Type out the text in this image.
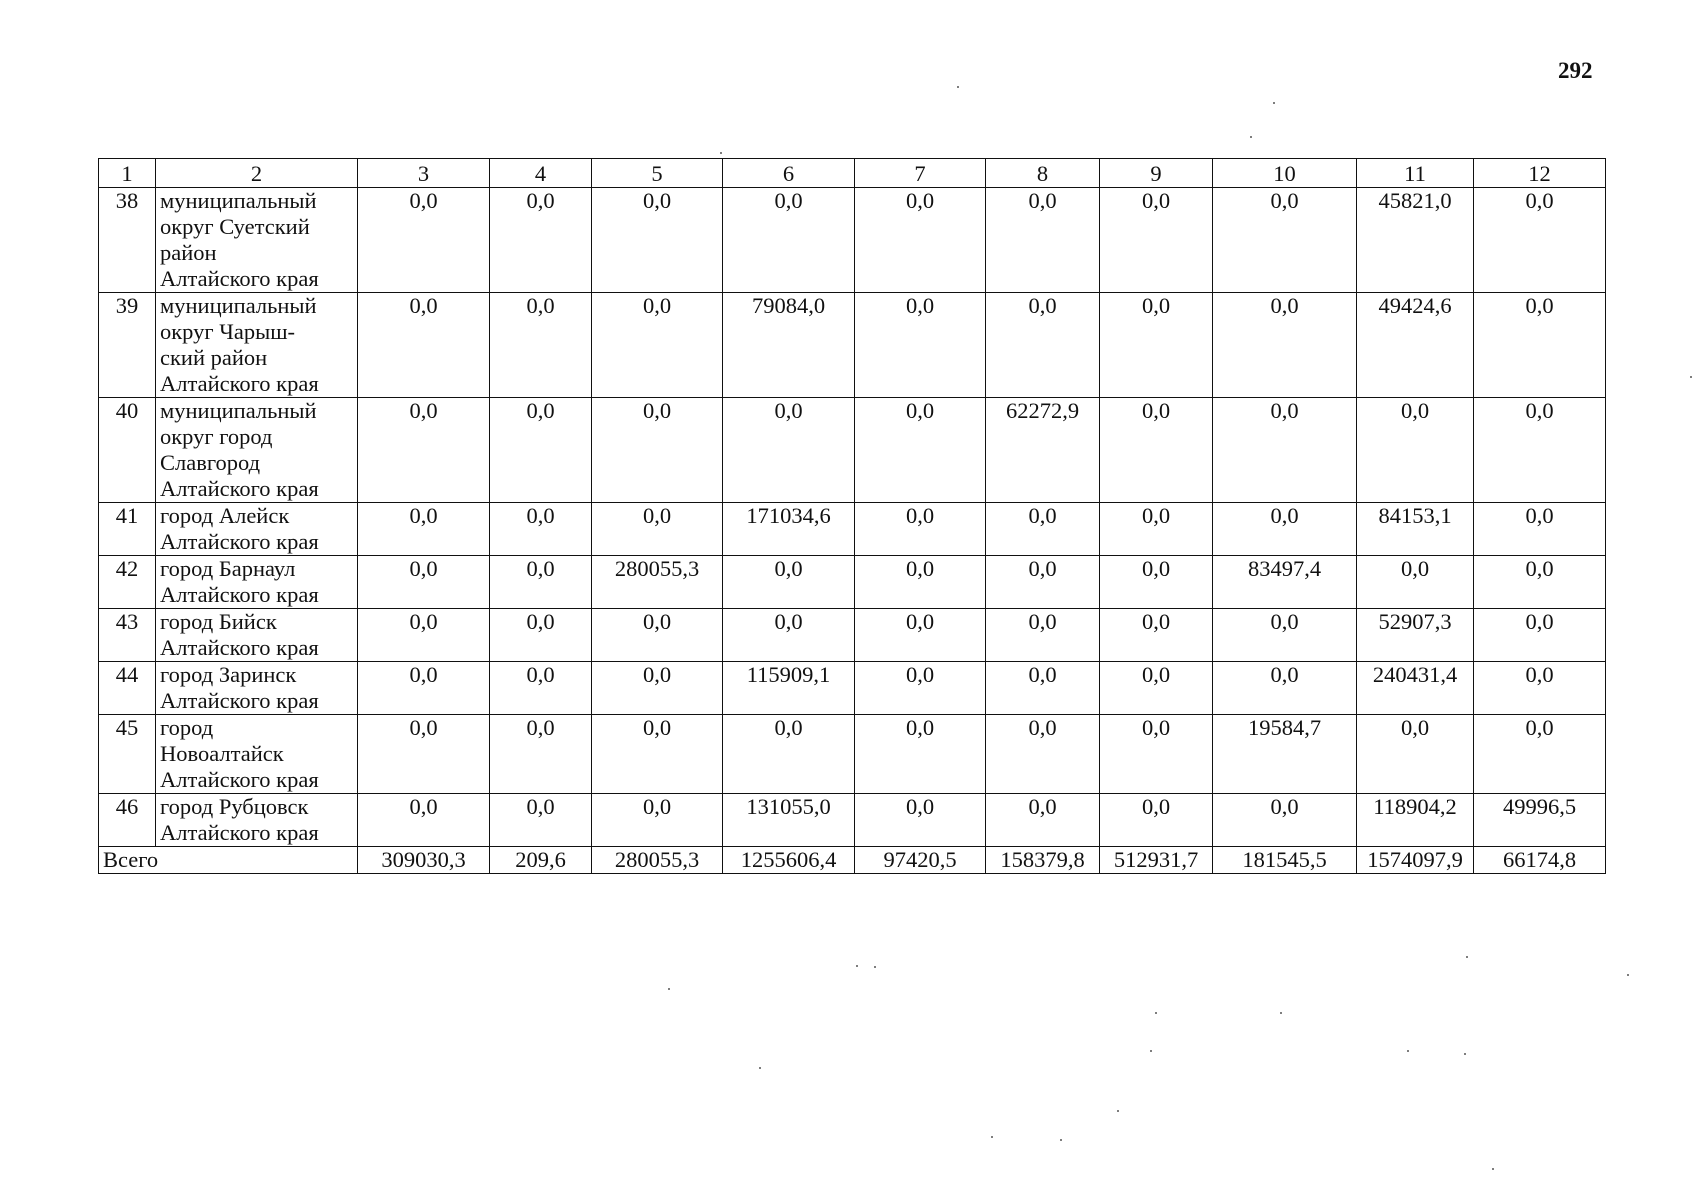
292
1	2	3	4	5	6	7	8	9	10	11	12
38	муниципальный
округ Суетский
район
Алтайского края	0,0	0,0	0,0	0,0	0,0	0,0	0,0	0,0	45821,0	0,0
39	муниципальный
округ Чарыш-
ский район
Алтайского края	0,0	0,0	0,0	79084,0	0,0	0,0	0,0	0,0	49424,6	0,0
40	муниципальный
округ город
Славгород
Алтайского края	0,0	0,0	0,0	0,0	0,0	62272,9	0,0	0,0	0,0	0,0
41	город Алейск
Алтайского края	0,0	0,0	0,0	171034,6	0,0	0,0	0,0	0,0	84153,1	0,0
42	город Барнаул
Алтайского края	0,0	0,0	280055,3	0,0	0,0	0,0	0,0	83497,4	0,0	0,0
43	город Бийск
Алтайского края	0,0	0,0	0,0	0,0	0,0	0,0	0,0	0,0	52907,3	0,0
44	город Заринск
Алтайского края	0,0	0,0	0,0	115909,1	0,0	0,0	0,0	0,0	240431,4	0,0
45	город
Новоалтайск
Алтайского края	0,0	0,0	0,0	0,0	0,0	0,0	0,0	19584,7	0,0	0,0
46	город Рубцовск
Алтайского края	0,0	0,0	0,0	131055,0	0,0	0,0	0,0	0,0	118904,2	49996,5
Всего		309030,3	209,6	280055,3	1255606,4	97420,5	158379,8	512931,7	181545,5	1574097,9	66174,8
